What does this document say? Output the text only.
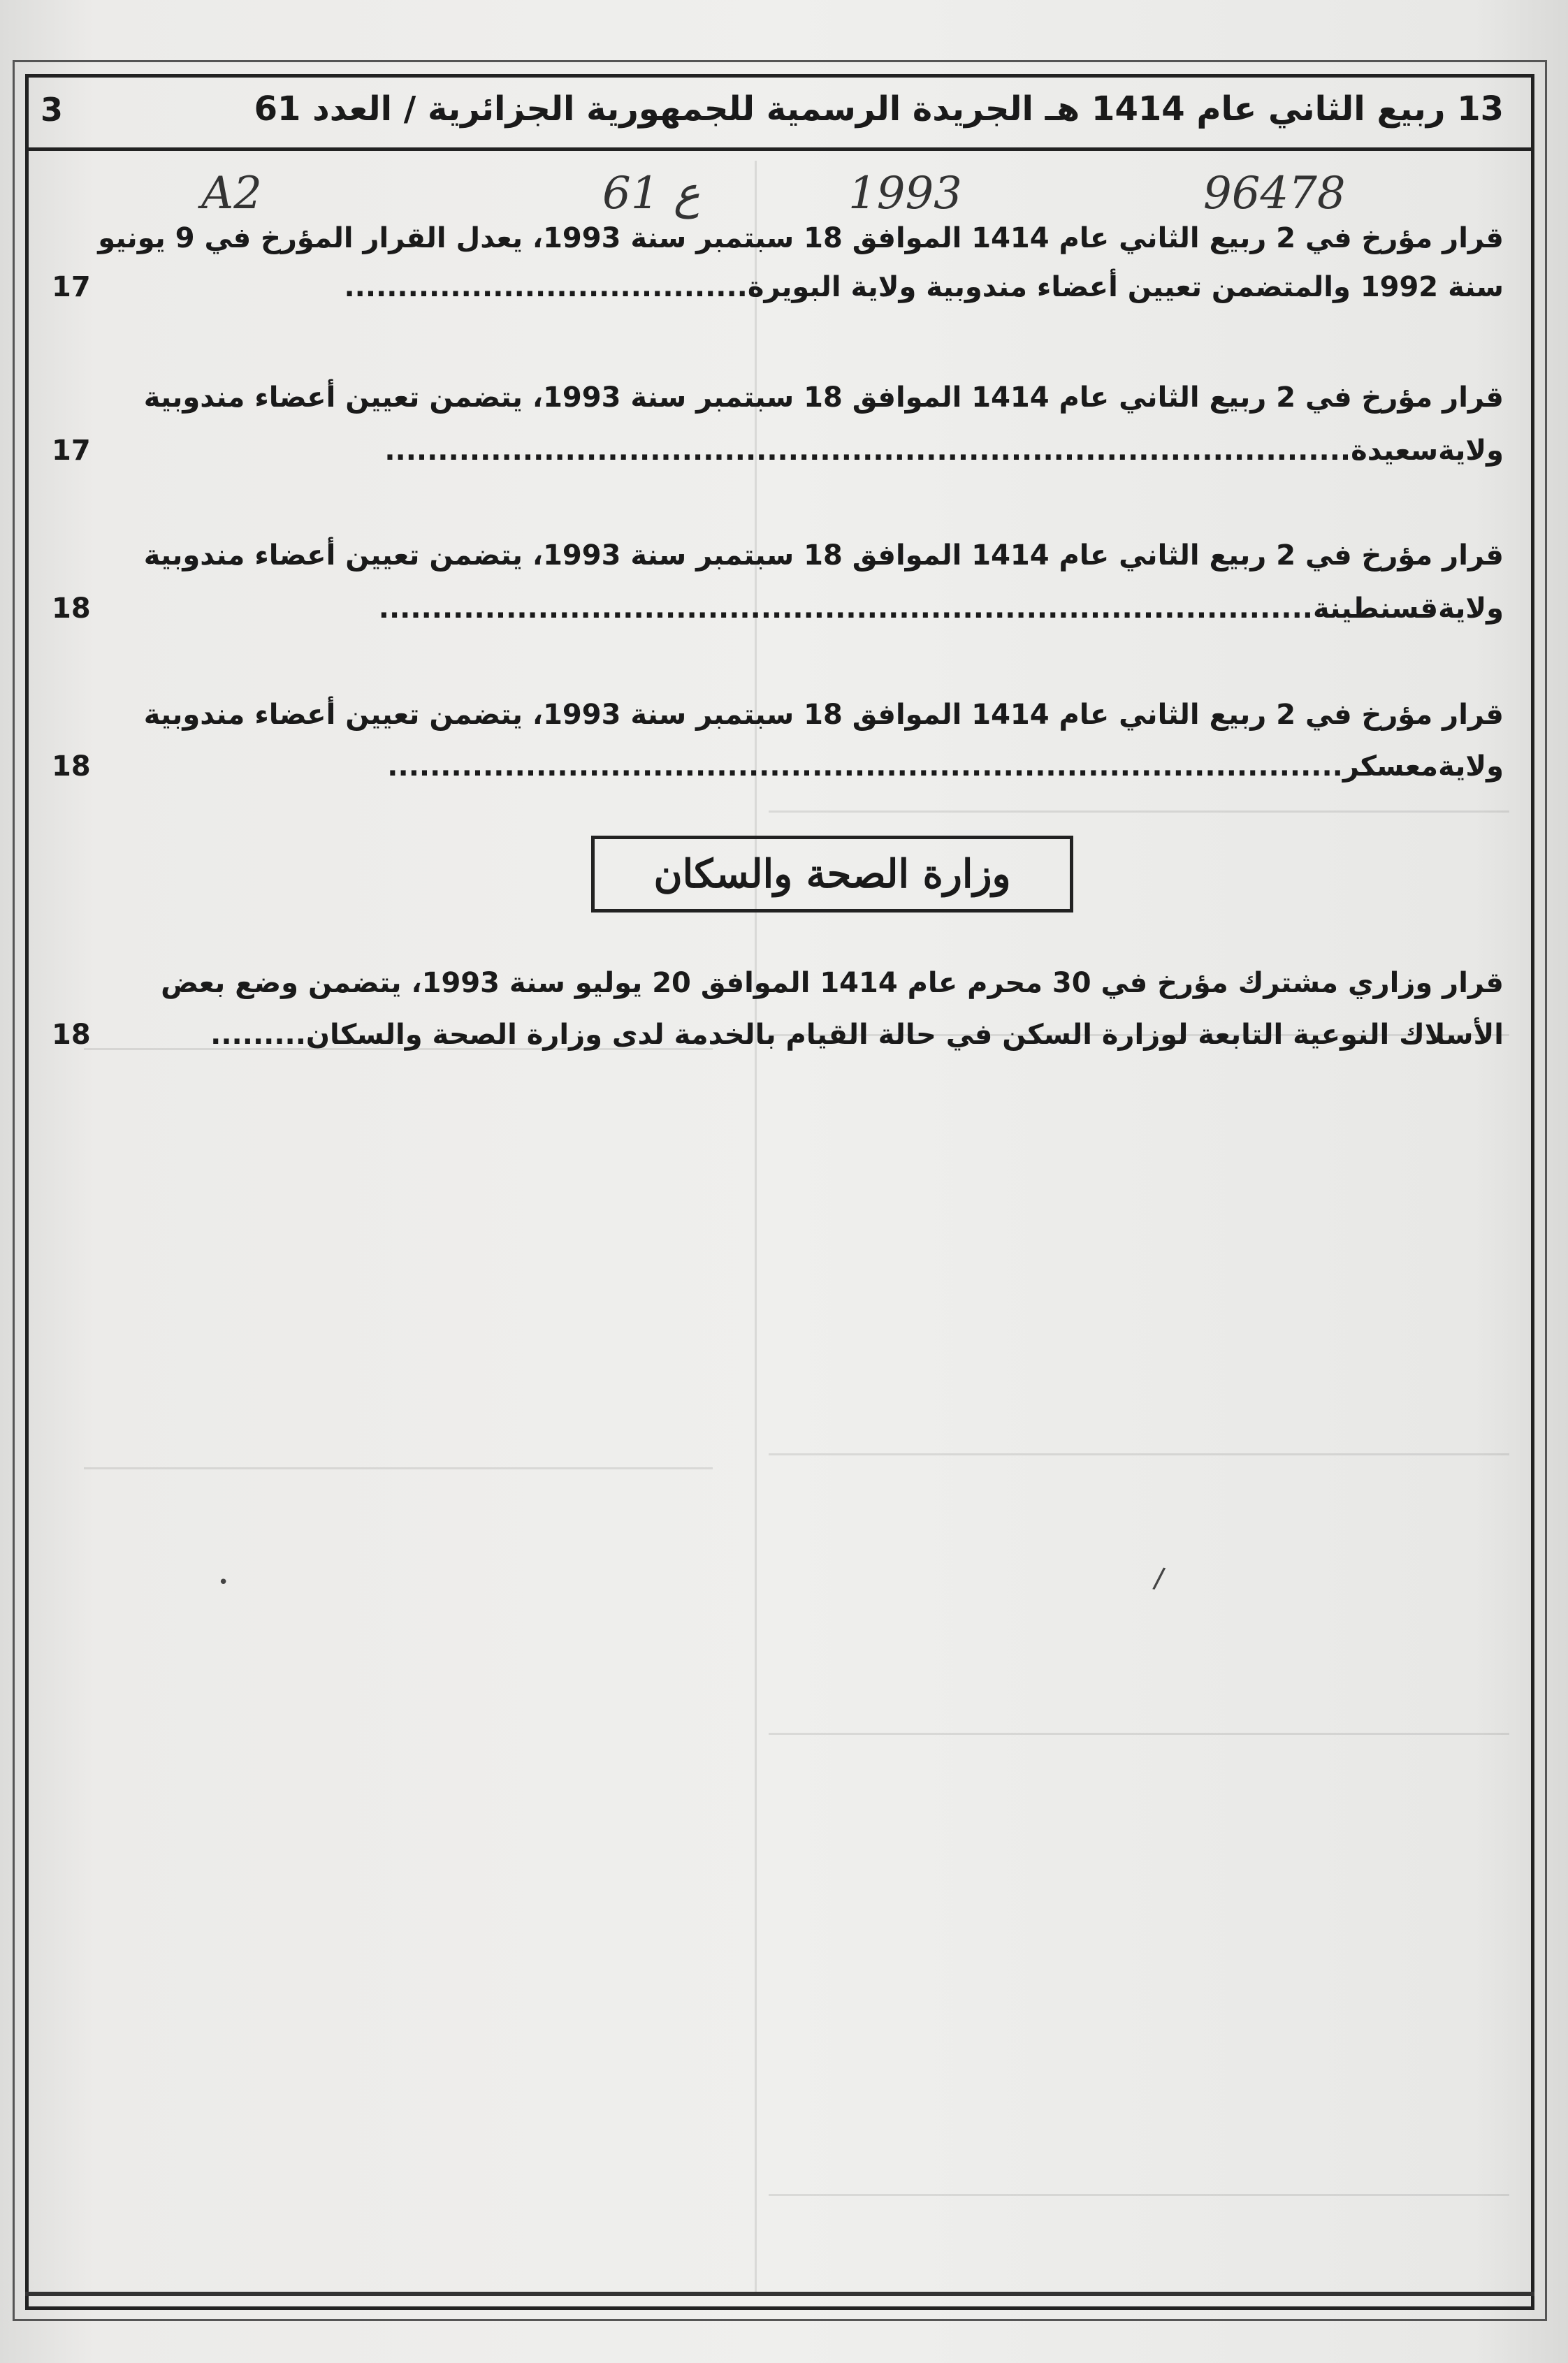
13 ربيع الثاني عام 1414 هـ الجريدة الرسمية للجمهورية الجزائرية / العدد 61
3
A2	61 ع	1993	96478
قرار مؤرخ في 2 ربيع الثاني عام 1414 الموافق 18 سبتمبر سنة 1993، يعدل القرار المؤرخ في 9 يونيو
سنة 1992 والمتضمن تعيين أعضاء مندوبية ولاية البويرة......................................
17
قرار مؤرخ في 2 ربيع الثاني عام 1414 الموافق 18 سبتمبر سنة 1993، يتضمن تعيين أعضاء مندوبية
ولايةسعيدة...........................................................................................
17
قرار مؤرخ في 2 ربيع الثاني عام 1414 الموافق 18 سبتمبر سنة 1993، يتضمن تعيين أعضاء مندوبية
ولايةقسنطينة........................................................................................
18
قرار مؤرخ في 2 ربيع الثاني عام 1414 الموافق 18 سبتمبر سنة 1993، يتضمن تعيين أعضاء مندوبية
ولايةمعسكر..........................................................................................
18
وزارة الصحة والسكان
قرار وزاري مشترك مؤرخ في 30 محرم عام 1414 الموافق 20 يوليو سنة 1993، يتضمن وضع بعض
الأسلاك النوعية التابعة لوزارة السكن في حالة القيام بالخدمة لدى وزارة الصحة والسكان.........
18
/
•
